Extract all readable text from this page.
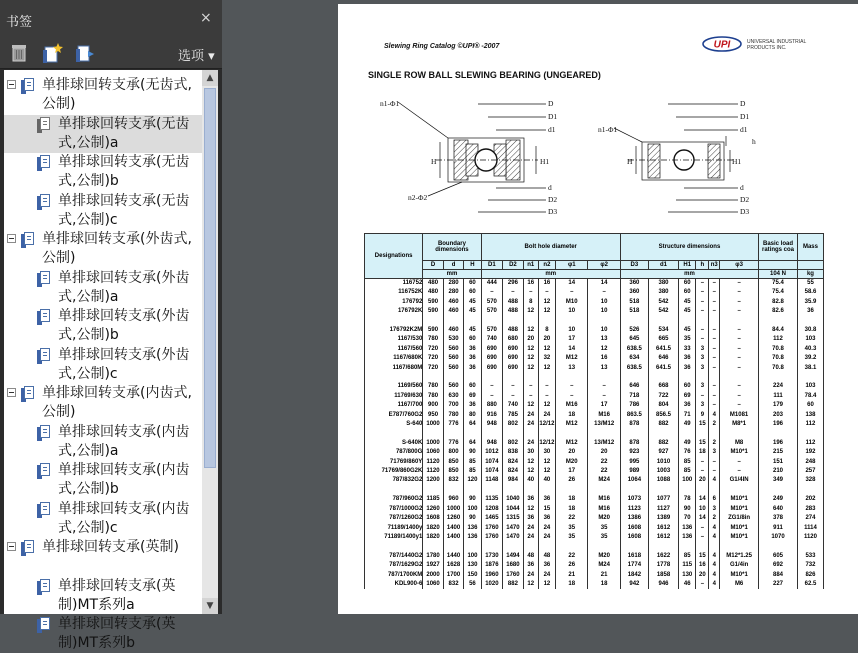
书签	×
选项 ▾
单排球回转支承(无齿式,公制)
单排球回转支承(无齿式,公制)a
单排球回转支承(无齿式,公制)b
单排球回转支承(无齿式,公制)c
单排球回转支承(外齿式,公制)
单排球回转支承(外齿式,公制)a
单排球回转支承(外齿式,公制)b
单排球回转支承(外齿式,公制)c
单排球回转支承(内齿式,公制)
单排球回转支承(内齿式,公制)a
单排球回转支承(内齿式,公制)b
单排球回转支承(内齿式,公制)c
单排球回转支承(英制)
单排球回转支承(英制)MT系列a
单排球回转支承(英制)MT系列b
▲
▼
Slewing Ring Catalog ©UPI® -2007	UPI	UNIVERSAL INDUSTRIAL
PRODUCTS INC.
SINGLE ROW BALL SLEWING BEARING (UNGEARED)
n1-Φ1
n2-Φ2
D
D1
d1
H	H1
d
D2
D3
n1-Φ1
D
D1
d1
h
H1
H
d
D2
D3
Designations	Boundary dimensions			Bolt hole diameter						Structure dimensions						Basic load ratings coa	Mass
	D	d	H	D1	D2	n1	n2	φ1	φ2	D3	d1	H1	h	n3	φ3		
	mm			mm						mm						104 N	kg
116752	480	280	60	444	296	16	16	14	14	360	380	60	–	–	–	75.4	55
116752K	480	280	60	–	–	–	–	–	–	360	380	60	–	–	–	75.4	58.6
176792	590	460	45	570	488	8	12	M10	10	518	542	45	–	–	–	82.8	35.9
176792K	590	460	45	570	488	12	12	10	10	518	542	45	–	–	–	82.6	36

176792K2M	590	460	45	570	488	12	8	10	10	526	534	45	–	–	–	84.4	30.8
1167/530	780	530	60	740	680	20	20	17	13	645	665	35	–	–	–	112	103
1167/560	720	560	36	690	690	12	12	14	12	638.5	641.5	33	3	–	–	70.8	40.3
1167/680K	720	560	36	690	690	12	32	M12	16	634	646	36	3	–	–	70.8	39.2
1167/680M	720	560	36	690	690	12	12	13	13	638.5	641.5	36	3	–	–	70.8	38.1

1169/560	780	560	60	–	–	–	–	–	–	646	668	60	3	–	–	224	103
11769/630	780	630	69	–	–	–	–	–	–	718	722	69	–	–	–	111	78.4
1167/700	900	700	36	880	740	12	12	M16	17	786	804	36	3	–	–	179	60
E787/760G2	950	780	80	916	785	24	24	18	M16	863.5	856.5	71	9	4	M1081	203	138
S-640	1000	776	64	948	802	24	12/12	M12	13/M12	878	882	49	15	2	M8*1	196	112

S-640K	1000	776	64	948	802	24	12/12	M12	13/M12	878	882	49	15	2	M8	196	112
787/800G	1060	800	90	1012	838	30	30	20	20	923	927	76	18	3	M10*1	215	192
71769/860Y	1120	850	85	1074	824	12	12	M20	22	995	1010	85	–	–	–	151	248
71769/860G2K	1120	850	85	1074	824	12	12	17	22	989	1003	85	–	–	–	210	257
787/832G2	1200	832	120	1148	984	40	40	26	M24	1064	1088	100	20	4	G1/4IN	349	328

787/960G2	1185	960	90	1135	1040	36	36	18	M16	1073	1077	78	14	6	M10*1	249	202
787/1000G2	1260	1000	100	1208	1044	12	15	18	M16	1123	1127	90	10	3	M10*1	640	283
787/1260G2	1608	1260	90	1465	1315	36	36	22	M20	1386	1389	70	14	2	ZG1/8in	378	274
71189/1400y	1820	1400	136	1760	1470	24	24	35	35	1608	1612	136	–	4	M10*1	911	1114
71189/1400y1	1820	1400	136	1760	1470	24	24	35	35	1608	1612	136	–	4	M10*1	1070	1120

787/1440G2	1780	1440	100	1730	1494	48	48	22	M20	1618	1622	85	15	4	M12*1.25	605	533
787/1629G2	1927	1628	130	1876	1680	36	36	26	M24	1774	1778	115	16	4	G1/4in	692	732
787/1700KM	2000	1700	150	1960	1760	24	24	21	21	1842	1858	130	20	4	M10*1	884	826
KDL900-6	1060	832	56	1020	882	12	12	18	18	942	946	46	–	4	M6	227	62.5
